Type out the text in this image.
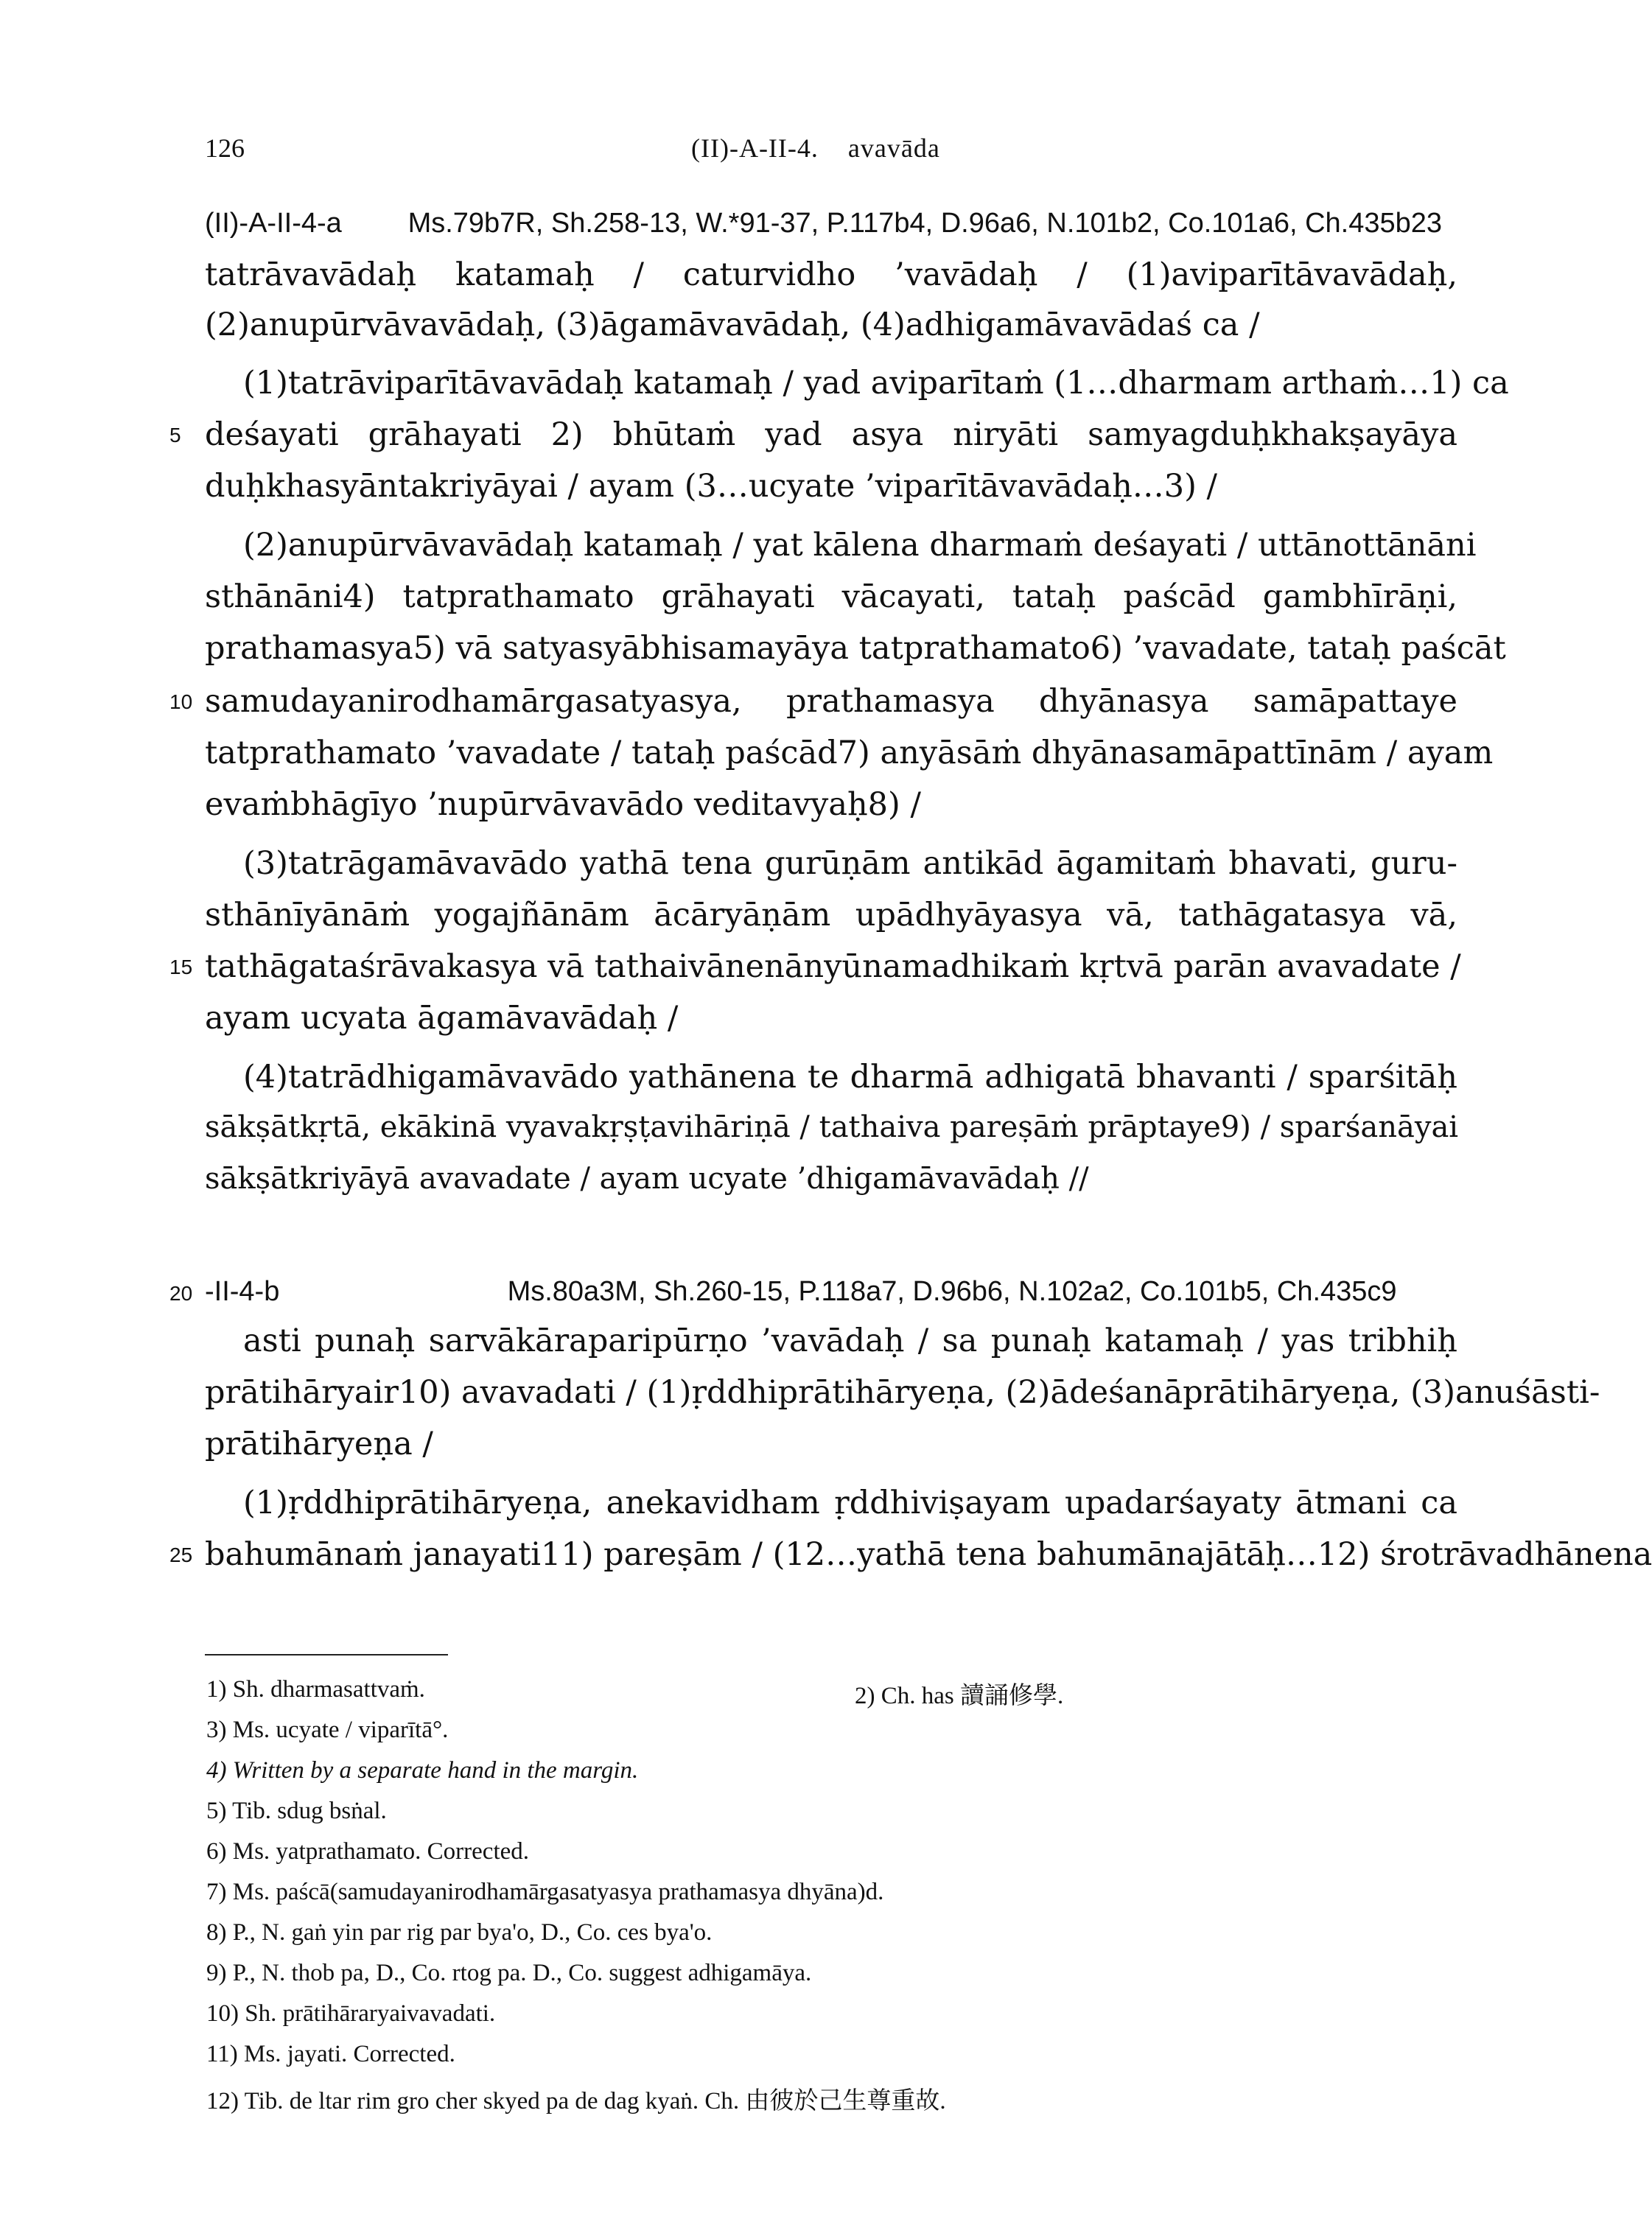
126	(II)-A-II-4.    avavāda
(II)-A-II-4-a Ms.79b7R, Sh.258-13, W.*91-37, P.117b4, D.96a6, N.101b2, Co.101a6, Ch.435b23
tatrāvavādaḥ katamaḥ / caturvidho ’vavādaḥ / (1)aviparītāvavādaḥ,
(2)anupūrvāvavādaḥ, (3)āgamāvavādaḥ, (4)adhigamāvavādaś ca /
(1)tatrāviparītāvavādaḥ katamaḥ / yad aviparītaṁ (1…dharmam arthaṁ…1) ca
5 deśayati grāhayati 2) bhūtaṁ yad asya niryāti samyagduḥkhakṣayāya
duḥkhasyāntakriyāyai / ayam (3…ucyate ’viparītāvavādaḥ…3) /
(2)anupūrvāvavādaḥ katamaḥ / yat kālena dharmaṁ deśayati / uttānottānāni
sthānāni4) tatprathamato grāhayati vācayati, tataḥ paścād gambhīrāṇi,
prathamasya5) vā satyasyābhisamayāya tatprathamato6) ’vavadate, tataḥ paścāt
10 samudayanirodhamārgasatyasya, prathamasya dhyānasya samāpattaye
tatprathamato ’vavadate / tataḥ paścād7) anyāsāṁ dhyānasamāpattīnām / ayam
evaṁbhāgīyo ’nupūrvāvavādo veditavyaḥ8) /
(3)tatrāgamāvavādo yathā tena gurūṇām antikād āgamitaṁ bhavati, guru-
sthānīyānāṁ yogajñānām ācāryāṇām upādhyāyasya vā, tathāgatasya vā,
15 tathāgataśrāvakasya vā tathaivānenānyūnamadhikaṁ kṛtvā parān avavadate /
ayam ucyata āgamāvavādaḥ /
(4)tatrādhigamāvavādo yathānena te dharmā adhigatā bhavanti / sparśitāḥ
sākṣātkṛtā, ekākinā vyavakṛṣṭavihāriṇā / tathaiva pareṣāṁ prāptaye9) / sparśanāyai
sākṣātkriyāyā avavadate / ayam ucyate ’dhigamāvavādaḥ //
20 -II-4-b	Ms.80a3M, Sh.260-15, P.118a7, D.96b6, N.102a2, Co.101b5, Ch.435c9
asti punaḥ sarvākāraparipūrṇo ’vavādaḥ / sa punaḥ katamaḥ / yas tribhiḥ
prātihāryair10) avavadati / (1)ṛddhiprātihāryeṇa, (2)ādeśanāprātihāryeṇa, (3)anuśāsti-
prātihāryeṇa /
(1)ṛddhiprātihāryeṇa, anekavidham ṛddhiviṣayam upadarśayaty ātmani ca
25 bahumānaṁ janayati11) pareṣām / (12…yathā tena bahumānajātāḥ…12) śrotrāvadhānena
1) Sh. dharmasattvaṁ.	2) Ch. has 讀誦修學.
3) Ms. ucyate / viparītā°.
4) Written by a separate hand in the margin.
5) Tib. sdug bsṅal.
6) Ms. yatprathamato. Corrected.
7) Ms. paścā(samudayanirodhamārgasatyasya prathamasya dhyāna)d.
8) P., N. gaṅ yin par rig par bya'o, D., Co. ces bya'o.
9) P., N. thob pa, D., Co. rtog pa. D., Co. suggest adhigamāya.
10) Sh. prātihāraryaivavadati.
11) Ms. jayati. Corrected.
12) Tib. de ltar rim gro cher skyed pa de dag kyaṅ. Ch. 由彼於己生尊重故.
